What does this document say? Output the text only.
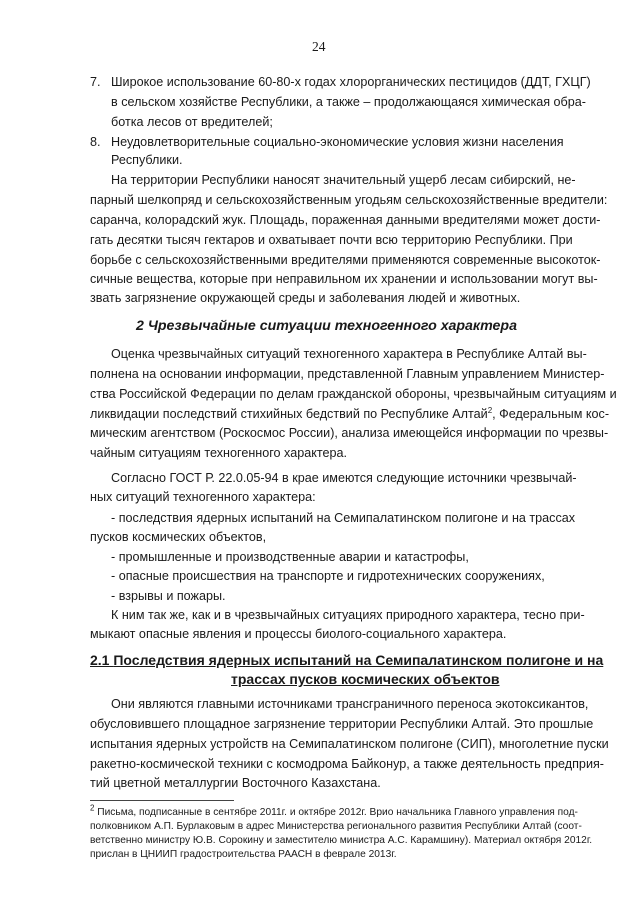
24
7. Широкое использование 60-80-х годах хлорорганических пестицидов (ДДТ, ГХЦГ)
в сельском хозяйстве Республики, а также – продолжающаяся химическая обра-
ботка лесов от вредителей;
8. Неудовлетворительные социально-экономические условия жизни населения
Республики.
На территории Республики наносят значительный ущерб лесам сибирский, не-
парный шелкопряд и сельскохозяйственным угодьям сельскохозяйственные вредители:
саранча, колорадский жук. Площадь, пораженная данными вредителями может дости-
гать десятки тысяч гектаров и охватывает почти всю территорию Республики. При
борьбе с сельскохозяйственными вредителями применяются современные высокоток-
сичные вещества, которые при неправильном их хранении и использовании могут вы-
звать загрязнение окружающей среды и заболевания людей и животных.
2 Чрезвычайные ситуации техногенного характера
Оценка чрезвычайных ситуаций техногенного характера в Республике Алтай вы-
полнена на основании информации, представленной Главным управлением Министер-
ства Российской Федерации по делам гражданской обороны, чрезвычайным ситуациям и
ликвидации последствий стихийных бедствий по Республике Алтай$^2$, Федеральным кос-
мическим агентством (Роскосмос России), анализа имеющейся информации по чрезвы-
чайным ситуациям техногенного характера.
Согласно ГОСТ Р. 22.0.05-94 в крае имеются следующие источники чрезвычай-
ных ситуаций техногенного характера:
- последствия ядерных испытаний на Семипалатинском полигоне и на трассах
пусков космических объектов,
- промышленные и производственные аварии и катастрофы,
- опасные происшествия на транспорте и гидротехнических сооружениях,
- взрывы и пожары.
К ним так же, как и в чрезвычайных ситуациях природного характера, тесно при-
мыкают опасные явления и процессы биолого-социального характера.
2.1 Последствия ядерных испытаний на Семипалатинском полигоне и на
трассах пусков космических объектов
Они являются главными источниками трансграничного переноса экотоксикантов,
обусловившего площадное загрязнение территории Республики Алтай. Это прошлые
испытания ядерных устройств на Семипалатинском полигоне (СИП), многолетние пуски
ракетно-космической техники с космодрома Байконур, а также деятельность предприя-
тий цветной металлургии Восточного Казахстана.
$^2$ Письма, подписанные в сентябре 2011г. и октябре 2012г. Врио начальника Главного управления под-
полковником А.П. Бурлаковым в адрес Министерства регионального развития Республики Алтай (соот-
ветственно министру Ю.В. Сорокину и заместителю министра А.С. Карамшину). Материал октября 2012г.
прислан в ЦНИИП градостроительства РААСН в феврале 2013г.
